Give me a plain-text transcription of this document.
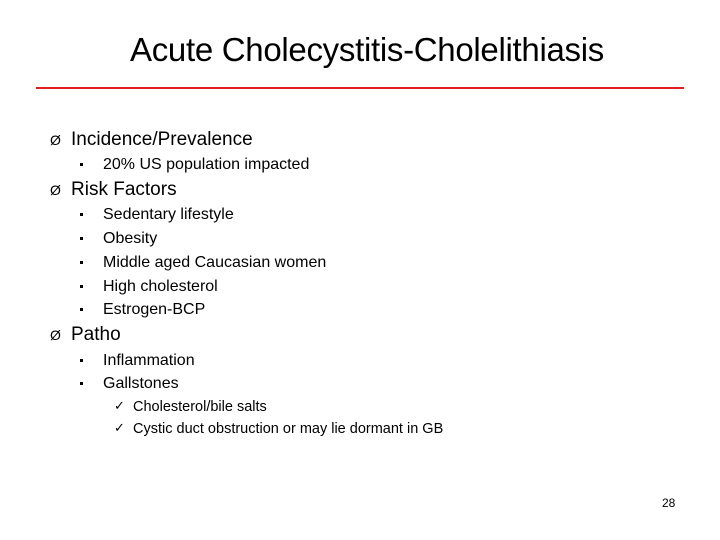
Acute Cholecystitis-Cholelithiasis
Ø Incidence/Prevalence
20% US population impacted
Ø Risk Factors
Sedentary lifestyle
Obesity
Middle aged Caucasian women
High cholesterol
Estrogen-BCP
Ø Patho
Inflammation
Gallstones
✓ Cholesterol/bile salts
✓ Cystic duct obstruction or may lie dormant in GB
28
